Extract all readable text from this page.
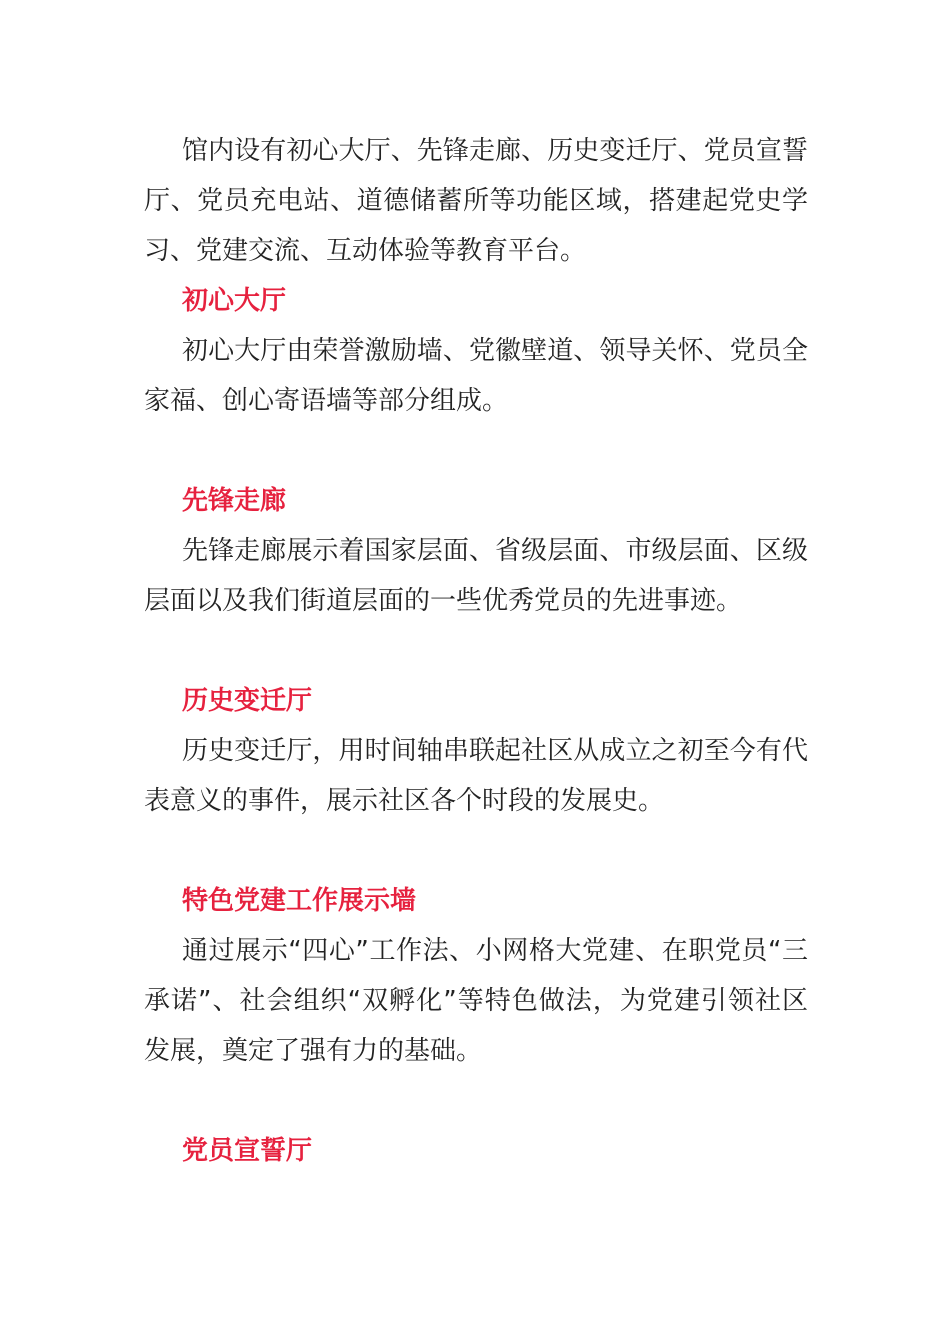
馆内设有初心大厅、先锋走廊、历史变迁厅、党员宣誓厅、党员充电站、道德储蓄所等功能区域，搭建起党史学习、党建交流、互动体验等教育平台。

初心大厅

初心大厅由荣誉激励墙、党徽壁道、领导关怀、党员全家福、创心寄语墙等部分组成。

先锋走廊

先锋走廊展示着国家层面、省级层面、市级层面、区级层面以及我们街道层面的一些优秀党员的先进事迹。

历史变迁厅

历史变迁厅，用时间轴串联起社区从成立之初至今有代表意义的事件，展示社区各个时段的发展史。

特色党建工作展示墙

通过展示“四心”工作法、小网格大党建、在职党员“三承诺”、社会组织“双孵化”等特色做法，为党建引领社区发展，奠定了强有力的基础。

党员宣誓厅
